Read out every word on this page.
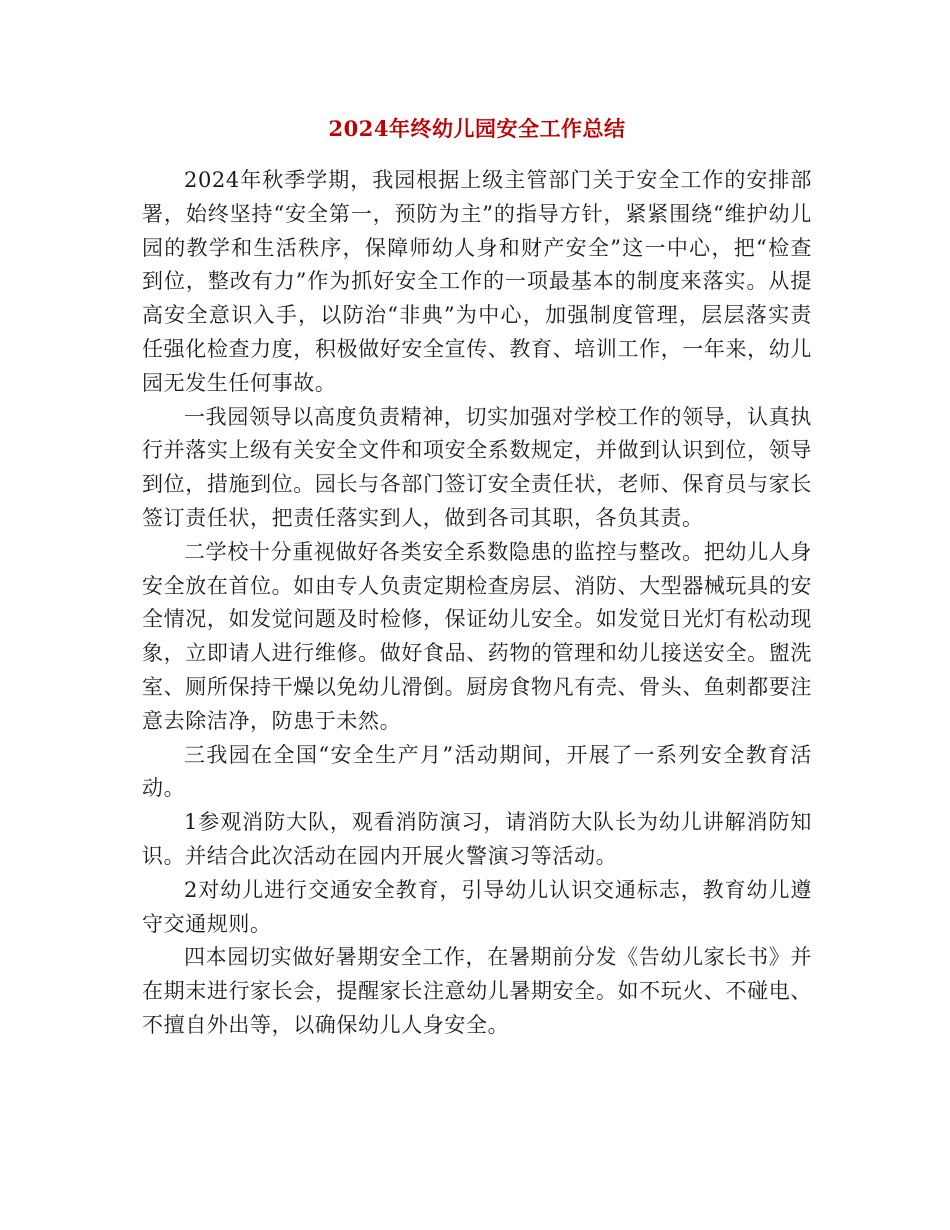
2024年终幼儿园安全工作总结

2024年秋季学期，我园根据上级主管部门关于安全工作的安排部署，始终坚持“安全第一，预防为主”的指导方针，紧紧围绕“维护幼儿园的教学和生活秩序，保障师幼人身和财产安全”这一中心，把“检查到位，整改有力”作为抓好安全工作的一项最基本的制度来落实。从提高安全意识入手，以防治“非典”为中心，加强制度管理，层层落实责任强化检查力度，积极做好安全宣传、教育、培训工作，一年来，幼儿园无发生任何事故。

一我园领导以高度负责精神，切实加强对学校工作的领导，认真执行并落实上级有关安全文件和项安全系数规定，并做到认识到位，领导到位，措施到位。园长与各部门签订安全责任状，老师、保育员与家长签订责任状，把责任落实到人，做到各司其职，各负其责。

二学校十分重视做好各类安全系数隐患的监控与整改。把幼儿人身安全放在首位。如由专人负责定期检查房层、消防、大型器械玩具的安全情况，如发觉问题及时检修，保证幼儿安全。如发觉日光灯有松动现象，立即请人进行维修。做好食品、药物的管理和幼儿接送安全。盥洗室、厕所保持干燥以免幼儿滑倒。厨房食物凡有壳、骨头、鱼刺都要注意去除洁净，防患于未然。

三我园在全国“安全生产月”活动期间，开展了一系列安全教育活动。

1参观消防大队，观看消防演习，请消防大队长为幼儿讲解消防知识。并结合此次活动在园内开展火警演习等活动。

2对幼儿进行交通安全教育，引导幼儿认识交通标志，教育幼儿遵守交通规则。

四本园切实做好暑期安全工作，在暑期前分发《告幼儿家长书》并在期末进行家长会，提醒家长注意幼儿暑期安全。如不玩火、不碰电、不擅自外出等，以确保幼儿人身安全。
